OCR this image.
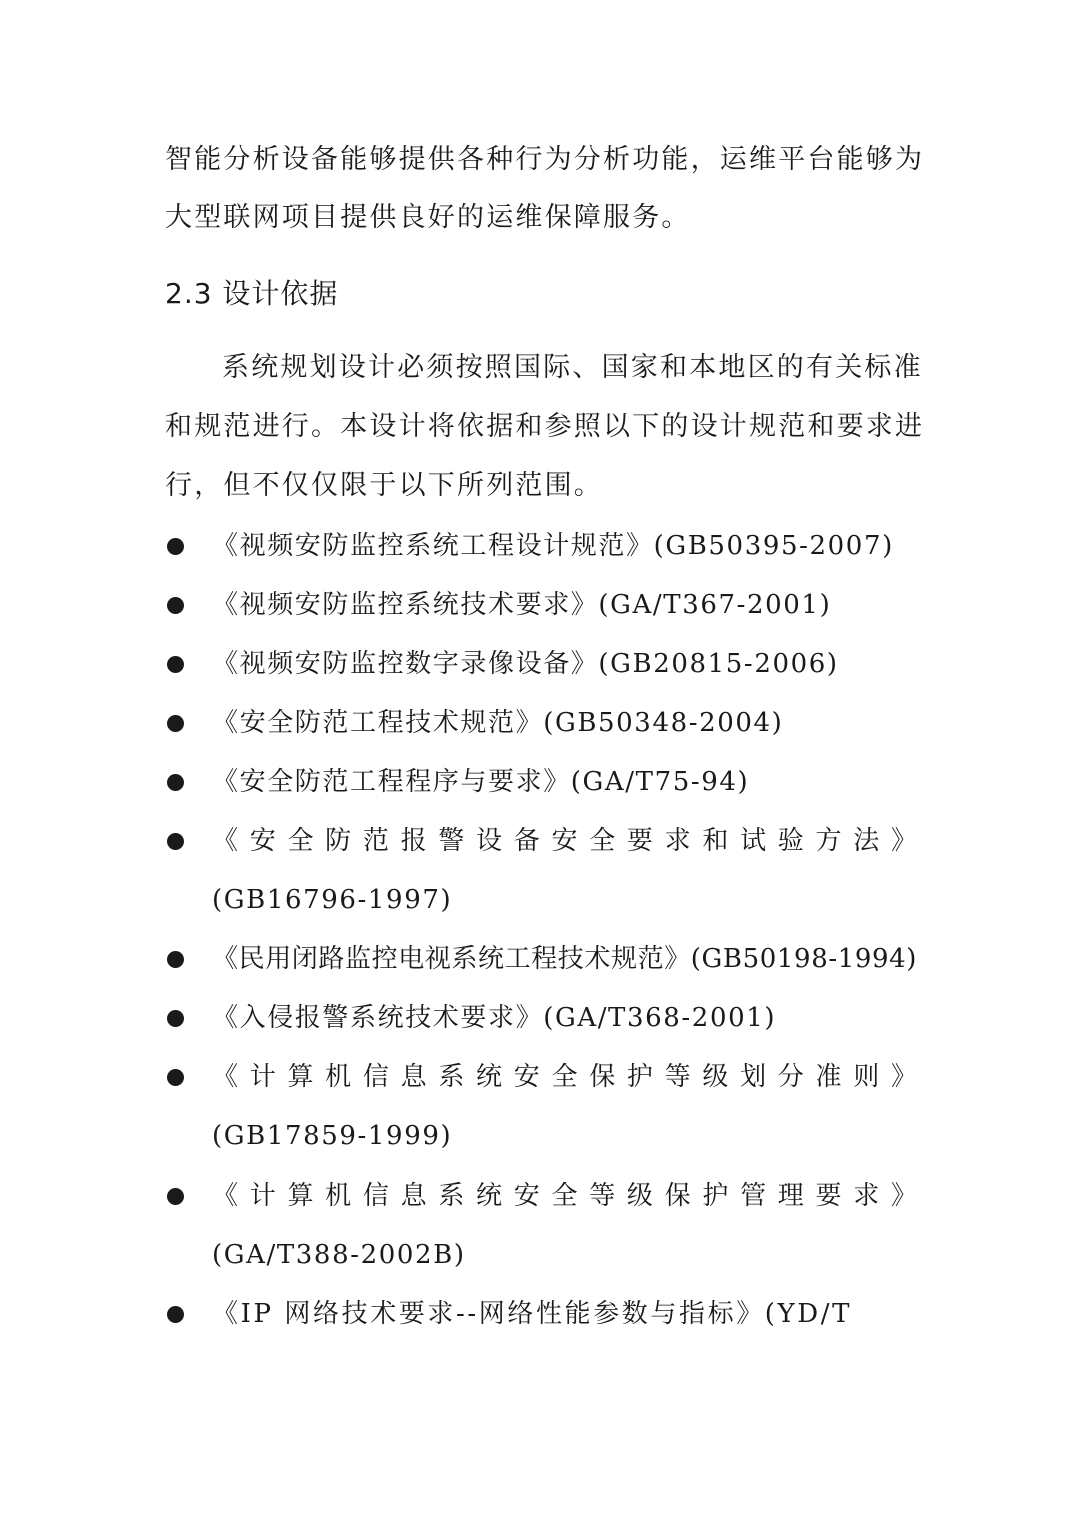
智能分析设备能够提供各种行为分析功能，运维平台能够为
大型联网项目提供良好的运维保障服务。
2.3 设计依据
系统规划设计必须按照国际、国家和本地区的有关标准
和规范进行。本设计将依据和参照以下的设计规范和要求进
行，但不仅仅限于以下所列范围。
《视频安防监控系统工程设计规范》(GB50395-2007)
《视频安防监控系统技术要求》(GA/T367-2001)
《视频安防监控数字录像设备》(GB20815-2006)
《安全防范工程技术规范》(GB50348-2004)
《安全防范工程程序与要求》(GA/T75-94)
《 安 全 防 范 报 警 设 备 安 全 要 求 和 试 验 方 法 》
(GB16796-1997)
《民用闭路监控电视系统工程技术规范》(GB50198-1994)
《入侵报警系统技术要求》(GA/T368-2001)
《 计 算 机 信 息 系 统 安 全 保 护 等 级 划 分 准 则 》
(GB17859-1999)
《 计 算 机 信 息 系 统 安 全 等 级 保 护 管 理 要 求 》
(GA/T388-2002B)
《IP 网络技术要求--网络性能参数与指标》(YD/T
